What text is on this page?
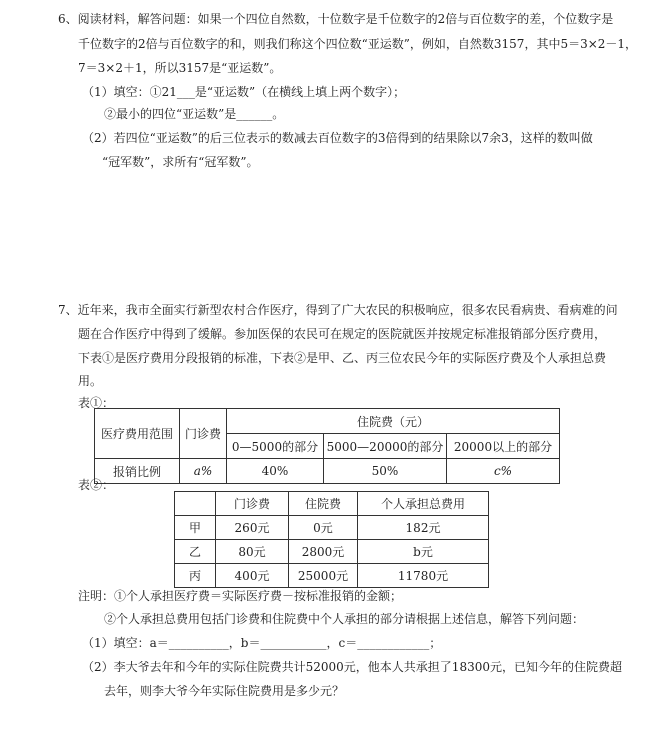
6、阅读材料，解答问题：如果一个四位自然数，十位数字是千位数字的2倍与百位数字的差，个位数字是
千位数字的2倍与百位数字的和，则我们称这个四位数“亚运数”，例如，自然数3157，其中5＝3×2－1，
7＝3×2＋1，所以3157是“亚运数”。
（1）填空：①21___是“亚运数”（在横线上填上两个数字）；
②最小的四位“亚运数”是______。
（2）若四位“亚运数”的后三位表示的数减去百位数字的3倍得到的结果除以7余3，这样的数叫做
“冠军数”，求所有“冠军数”。
7、近年来，我市全面实行新型农村合作医疗，得到了广大农民的积极响应，很多农民看病贵、看病难的问
题在合作医疗中得到了缓解。参加医保的农民可在规定的医院就医并按规定标准报销部分医疗费用，
下表①是医疗费用分段报销的标准，下表②是甲、乙、丙三位农民今年的实际医疗费及个人承担总费
用。
表①：
医疗费用范围	门诊费	住院费（元）		
		0—5000的部分	5000—20000的部分	20000以上的部分
报销比例	a%	40%	50%	c%
表②：
	门诊费	住院费	个人承担总费用
甲	260元	0元	182元
乙	80元	2800元	b元
丙	400元	25000元	11780元
注明：①个人承担医疗费＝实际医疗费－按标准报销的金额；
②个人承担总费用包括门诊费和住院费中个人承担的部分请根据上述信息，解答下列问题：
（1）填空：a＝__________，b＝___________，c＝____________；
（2）李大爷去年和今年的实际住院费共计52000元，他本人共承担了18300元，已知今年的住院费超
去年，则李大爷今年实际住院费用是多少元？
